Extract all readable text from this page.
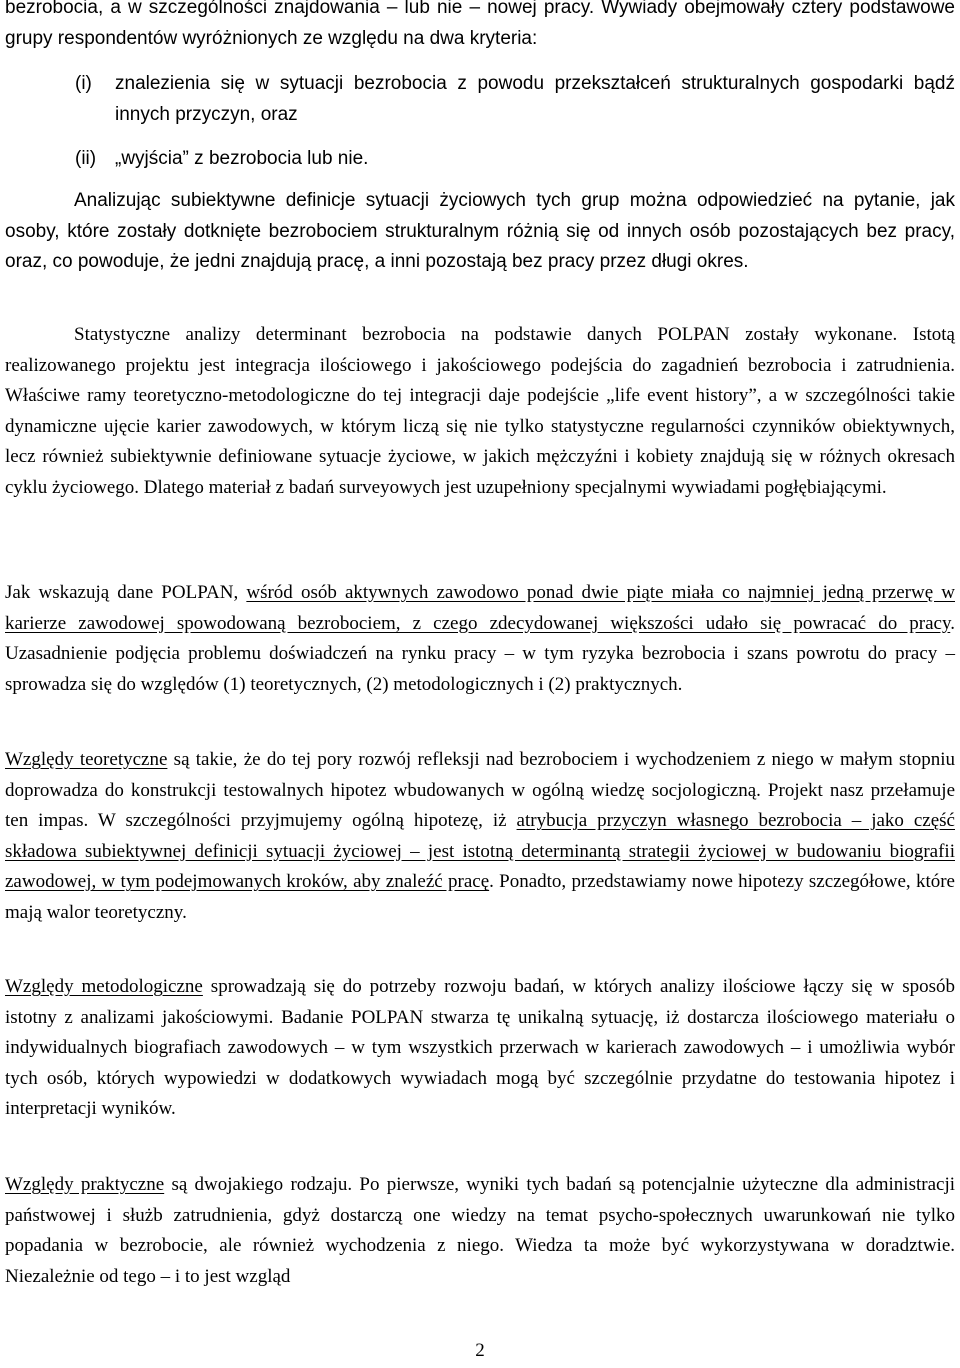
bezrobocia, a w szczególności znajdowania – lub nie – nowej pracy. Wywiady obejmowały cztery podstawowe grupy respondentów wyróżnionych ze względu na dwa kryteria:

(i) znalezienia się w sytuacji bezrobocia z powodu przekształceń strukturalnych gospodarki bądź innych przyczyn, oraz
(ii) „wyjścia” z bezrobocia lub nie.

Analizując subiektywne definicje sytuacji życiowych tych grup można odpowiedzieć na pytanie, jak osoby, które zostały dotknięte bezrobociem strukturalnym różnią się od innych osób pozostających bez pracy, oraz, co powoduje, że jedni znajdują pracę, a inni pozostają bez pracy przez długi okres.

Statystyczne analizy determinant bezrobocia na podstawie danych POLPAN zostały wykonane. Istotą realizowanego projektu jest integracja ilościowego i jakościowego podejścia do zagadnień bezrobocia i zatrudnienia. Właściwe ramy teoretyczno-metodologiczne do tej integracji daje podejście „life event history”, a w szczególności takie dynamiczne ujęcie karier zawodowych, w którym liczą się nie tylko statystyczne regularności czynników obiektywnych, lecz również subiektywnie definiowane sytuacje życiowe, w jakich mężczyźni i kobiety znajdują się w różnych okresach cyklu życiowego. Dlatego materiał z badań surveyowych jest uzupełniony specjalnymi wywiadami pogłębiającymi.

Jak wskazują dane POLPAN, wśród osób aktywnych zawodowo ponad dwie piąte miała co najmniej jedną przerwę w karierze zawodowej spowodowaną bezrobociem, z czego zdecydowanej większości udało się powracać do pracy. Uzasadnienie podjęcia problemu doświadczeń na rynku pracy – w tym ryzyka bezrobocia i szans powrotu do pracy – sprowadza się do względów (1) teoretycznych, (2) metodologicznych i (2) praktycznych.

Względy teoretyczne są takie, że do tej pory rozwój refleksji nad bezrobociem i wychodzeniem z niego w małym stopniu doprowadza do konstrukcji testowalnych hipotez wbudowanych w ogólną wiedzę socjologiczną. Projekt nasz przełamuje ten impas. W szczególności przyjmujemy ogólną hipotezę, iż atrybucja przyczyn własnego bezrobocia – jako część składowa subiektywnej definicji sytuacji życiowej – jest istotną determinantą strategii życiowej w budowaniu biografii zawodowej, w tym podejmowanych kroków, aby znaleźć pracę. Ponadto, przedstawiamy nowe hipotezy szczegółowe, które mają walor teoretyczny.

Względy metodologiczne sprowadzają się do potrzeby rozwoju badań, w których analizy ilościowe łączy się w sposób istotny z analizami jakościowymi. Badanie POLPAN stwarza tę unikalną sytuację, iż dostarcza ilościowego materiału o indywidualnych biografiach zawodowych – w tym wszystkich przerwach w karierach zawodowych – i umożliwia wybór tych osób, których wypowiedzi w dodatkowych wywiadach mogą być szczególnie przydatne do testowania hipotez i interpretacji wyników.

Względy praktyczne są dwojakiego rodzaju. Po pierwsze, wyniki tych badań są potencjalnie użyteczne dla administracji państwowej i służb zatrudnienia, gdyż dostarczą one wiedzy na temat psycho-społecznych uwarunkowań nie tylko popadania w bezrobocie, ale również wychodzenia z niego. Wiedza ta może być wykorzystywana w doradztwie. Niezależnie od tego – i to jest wzgląd

2
